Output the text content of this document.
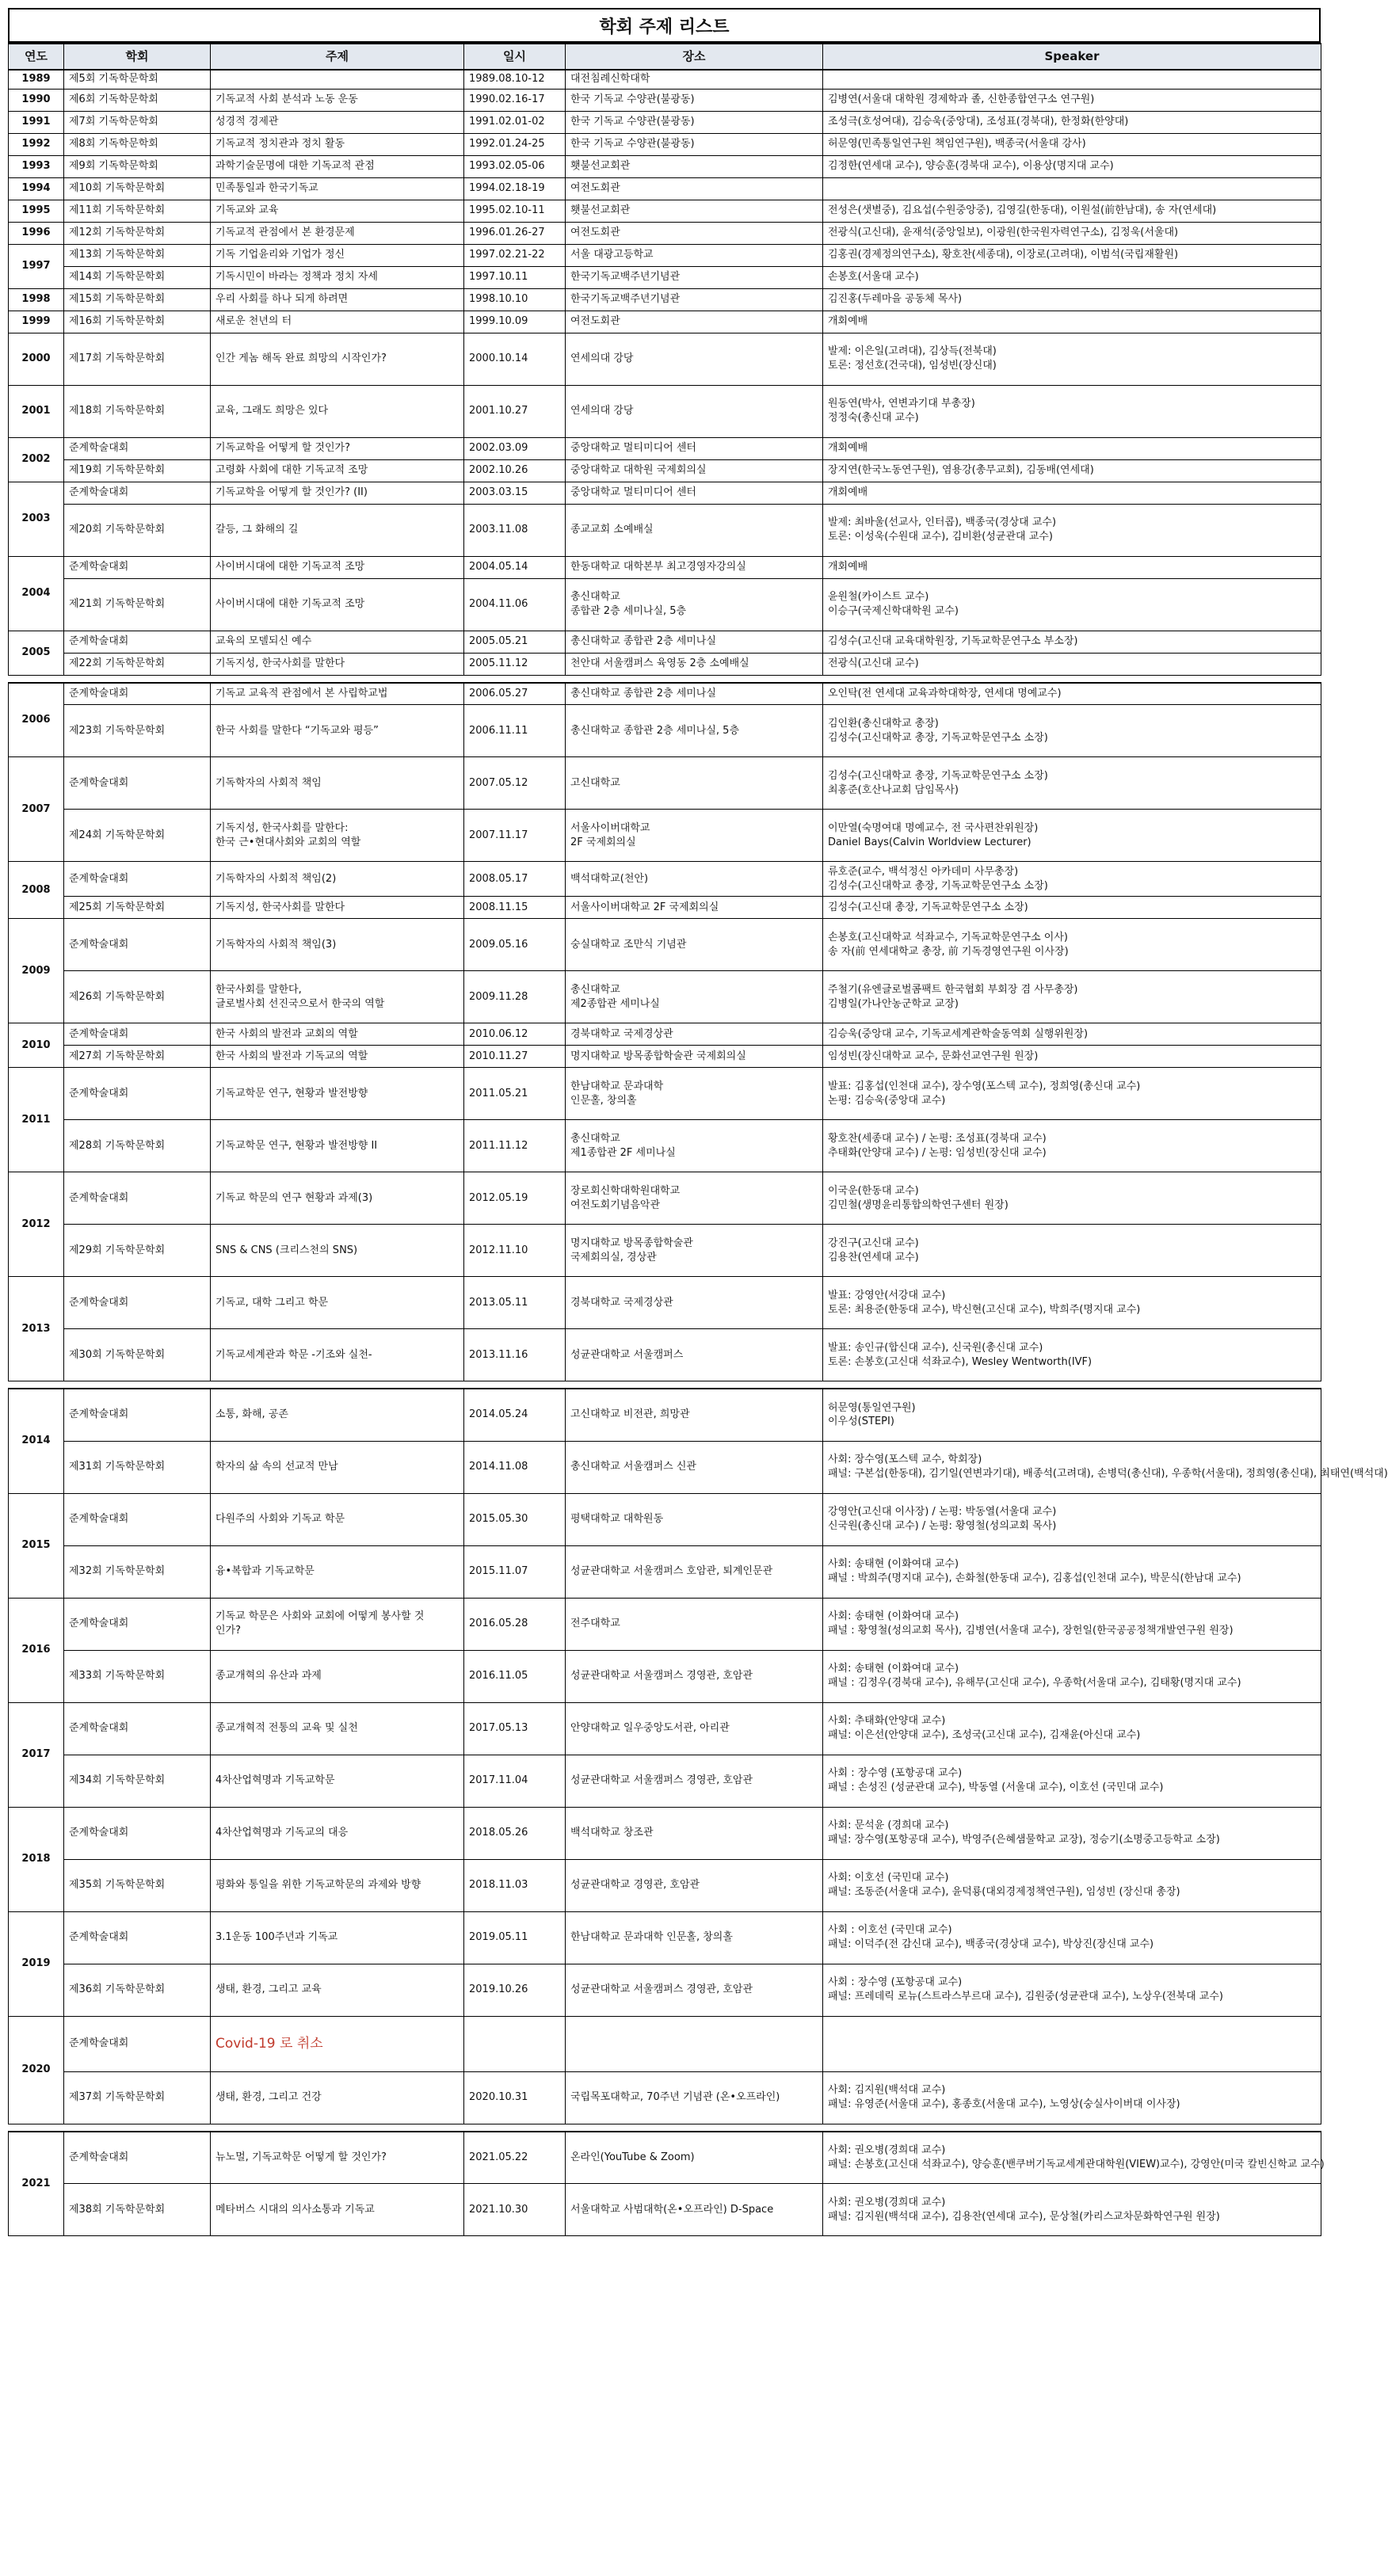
학회 주제 리스트
연도	학회	주제	일시	장소	Speaker
1989	제5회 기독학문학회		1989.08.10-12	대전침례신학대학	

1990	제6회 기독학문학회	기독교적 사회 분석과 노동 운동	1990.02.16-17	한국 기독교 수양관(불광동)	김병연(서울대 대학원 경제학과 졸, 신한종합연구소 연구원)

1991	제7회 기독학문학회	성경적 경제관	1991.02.01-02	한국 기독교 수양관(불광동)	조성극(호성여대), 김승욱(중앙대), 조성표(경북대), 한정화(한양대)

1992	제8회 기독학문학회	기독교적 정치관과 정치 활동	1992.01.24-25	한국 기독교 수양관(불광동)	허문영(민족통일연구원 책임연구원), 백종국(서울대 강사)

1993	제9회 기독학문학회	과학기술문명에 대한 기독교적 관점	1993.02.05-06	횃불선교회관	김정한(연세대 교수), 양승훈(경북대 교수), 이용상(명지대 교수)

1994	제10회 기독학문학회	민족통일과 한국기독교	1994.02.18-19	여전도회관	

1995	제11회 기독학문학회	기독교와 교육	1995.02.10-11	횃불선교회관	전성은(샛별중), 김요섭(수원중앙중), 김영길(한동대), 이원설(前한남대), 송 자(연세대)

1996	제12회 기독학문학회	기독교적 관점에서 본 환경문제	1996.01.26-27	여전도회관	전광식(고신대), 윤재석(중앙일보), 이광원(한국원자력연구소), 김정욱(서울대)

1997	제13회 기독학문학회	기독 기업윤리와 기업가 정신	1997.02.21-22	서울 대광고등학교	김홍권(경제정의연구소), 황호찬(세종대), 이장로(고려대), 이범석(국립재활원)

	제14회 기독학문학회	기독시민이 바라는 정책과 정치 자세	1997.10.11	한국기독교백주년기념관	손봉호(서울대 교수)

1998	제15회 기독학문학회	우리 사회를 하나 되게 하려면	1998.10.10	한국기독교백주년기념관	김진홍(두레마을 공동체 목사)

1999	제16회 기독학문학회	새로운 천년의 터	1999.10.09	여전도회관	개회예배

2000	제17회 기독학문학회	인간 게놈 해독 완료 희망의 시작인가?	2000.10.14	연세의대 강당	발제: 이은일(고려대), 김상득(전북대)
토론: 정선호(건국대), 임성빈(장신대)

2001	제18회 기독학문학회	교육, 그래도 희망은 있다	2001.10.27	연세의대 강당	원동연(박사, 연변과기대 부총장)
정정숙(총신대 교수)

2002	준계학술대회	기독교학을 어떻게 할 것인가?	2002.03.09	중앙대학교 멀티미디어 센터	개회예배

	제19회 기독학문학회	고령화 사회에 대한 기독교적 조망	2002.10.26	중앙대학교 대학원 국제회의실	장지연(한국노동연구원), 염용강(총무교회), 김동배(연세대)

2003	준계학술대회	기독교학을 어떻게 할 것인가? (II)	2003.03.15	중앙대학교 멀티미디어 센터	개회예배

	제20회 기독학문학회	갈등, 그 화해의 길	2003.11.08	종교교회 소예배실	발제: 최바울(선교사, 인터콥), 백종국(경상대 교수)
토론: 이성욱(수원대 교수), 김비환(성균관대 교수)

2004	준계학술대회	사이버시대에 대한 기독교적 조망	2004.05.14	한동대학교 대학본부 최고경영자강의실	개회예배

	제21회 기독학문학회	사이버시대에 대한 기독교적 조망	2004.11.06	총신대학교
종합관 2층 세미나실, 5층	윤원철(카이스트 교수)
이승구(국제신학대학원 교수)

2005	준계학술대회	교육의 모델되신 예수	2005.05.21	총신대학교 종합관 2층 세미나실	김성수(고신대 교육대학원장, 기독교학문연구소 부소장)

	제22회 기독학문학회	기독지성, 한국사회를 말한다	2005.11.12	천안대 서울캠퍼스 육영동 2층 소예배실	전광식(고신대 교수)

2006	준계학술대회	기독교 교육적 관점에서 본 사립학교법	2006.05.27	총신대학교 종합관 2층 세미나실	오인탁(전 연세대 교육과학대학장, 연세대 명예교수)

	제23회 기독학문학회	한국 사회를 말한다 “기독교와 평등”	2006.11.11	총신대학교 종합관 2층 세미나실, 5층	김인환(총신대학교 총장)
김성수(고신대학교 총장, 기독교학문연구소 소장)

2007	준계학술대회	기독학자의 사회적 책임	2007.05.12	고신대학교	김성수(고신대학교 총장, 기독교학문연구소 소장)
최홍준(호산나교회 담임목사)

	제24회 기독학문학회	기독지성, 한국사회를 말한다:
한국 근•현대사회와 교회의 역할	2007.11.17	서울사이버대학교
2F 국제회의실	이만열(숙명여대 명예교수, 전 국사편찬위원장)
Daniel Bays(Calvin Worldview Lecturer)

2008	준계학술대회	기독학자의 사회적 책임(2)	2008.05.17	백석대학교(천안)	류호준(교수, 백석정신 아카데미 사무총장)
김성수(고신대학교 총장, 기독교학문연구소 소장)

	제25회 기독학문학회	기독지성, 한국사회를 말한다	2008.11.15	서울사이버대학교 2F 국제회의실	김성수(고신대 총장, 기독교학문연구소 소장)

2009	준계학술대회	기독학자의 사회적 책임(3)	2009.05.16	숭실대학교 조만식 기념관	손봉호(고신대학교 석좌교수, 기독교학문연구소 이사)
송 자(前 연세대학교 총장, 前 기독경영연구원 이사장)

	제26회 기독학문학회	한국사회를 말한다,
글로벌사회 선진국으로서 한국의 역할	2009.11.28	총신대학교
제2종합관 세미나실	주철기(유엔글로벌콤팩트 한국협회 부회장 겸 사무총장)
김병일(가나안농군학교 교장)

2010	준계학술대회	한국 사회의 발전과 교회의 역할	2010.06.12	경북대학교 국제경상관	김승욱(중앙대 교수, 기독교세계관학술동역회 실행위원장)

	제27회 기독학문학회	한국 사회의 발전과 기독교의 역할	2010.11.27	명지대학교 방목종합학술관 국제회의실	임성빈(장신대학교 교수, 문화선교연구원 원장)

2011	준계학술대회	기독교학문 연구, 현황과 발전방향	2011.05.21	한남대학교 문과대학
인문홀, 창의홀	발표: 김홍섭(인천대 교수), 장수영(포스텍 교수), 정희영(총신대 교수)
논평: 김승욱(중앙대 교수)

	제28회 기독학문학회	기독교학문 연구, 현황과 발전방향 II	2011.11.12	총신대학교
제1종합관 2F 세미나실	황호찬(세종대 교수) / 논평: 조성표(경북대 교수)
추태화(안양대 교수) / 논평: 임성빈(장신대 교수)

2012	준계학술대회	기독교 학문의 연구 현황과 과제(3)	2012.05.19	장로회신학대학원대학교
여전도회기념음악관	이국운(한동대 교수)
김민철(생명윤리통합의학연구센터 원장)

	제29회 기독학문학회	SNS & CNS (크리스천의 SNS)	2012.11.10	명지대학교 방목종합학술관
국제회의실, 경상관	강진구(고신대 교수)
김용찬(연세대 교수)

2013	준계학술대회	기독교, 대학 그리고 학문	2013.05.11	경북대학교 국제경상관	발표: 강영안(서강대 교수)
토론: 최용준(한동대 교수), 박신현(고신대 교수), 박희주(명지대 교수)

	제30회 기독학문학회	기독교세계관과 학문 -기조와 실천-	2013.11.16	성균관대학교 서울캠퍼스	발표: 송인규(합신대 교수), 신국원(총신대 교수)
토론: 손봉호(고신대 석좌교수), Wesley Wentworth(IVF)

2014	준계학술대회	소통, 화해, 공존	2014.05.24	고신대학교 비전관, 희망관	허문영(통일연구원)
이우성(STEPI)

	제31회 기독학문학회	학자의 삶 속의 선교적 만남	2014.11.08	총신대학교 서울캠퍼스 신관	사회: 장수영(포스텍 교수, 학회장)
패널: 구본섭(한동대), 김기일(연변과기대), 배종석(고려대), 손병덕(총신대), 우종학(서울대), 정희영(총신대), 최태연(백석대)

2015	준계학술대회	다원주의 사회와 기독교 학문	2015.05.30	평택대학교 대학원동	강영안(고신대 이사장) / 논평: 박동열(서울대 교수)
신국원(총신대 교수) / 논평: 황영철(성의교회 목사)

	제32회 기독학문학회	융•복합과 기독교학문	2015.11.07	성균관대학교 서울캠퍼스 호암관, 퇴계인문관	사회: 송태현 (이화여대 교수)
패널 : 박희주(명지대 교수), 손화철(한동대 교수), 김홍섭(인천대 교수), 박문식(한남대 교수)

2016	준계학술대회	기독교 학문은 사회와 교회에 어떻게 봉사할 것
인가?	2016.05.28	전주대학교	사회: 송태현 (이화여대 교수)
패널 : 황영철(성의교회 목사), 김병연(서울대 교수), 장헌일(한국공공정책개발연구원 원장)

	제33회 기독학문학회	종교개혁의 유산과 과제	2016.11.05	성균관대학교 서울캠퍼스 경영관, 호암관	사회: 송태현 (이화여대 교수)
패널 : 김정우(경북대 교수), 유해무(고신대 교수), 우종학(서울대 교수), 김태황(명지대 교수)

2017	준계학술대회	종교개혁적 전통의 교육 및 실천	2017.05.13	안양대학교 일우중앙도서관, 아리관	사회: 추태화(안양대 교수)
패널: 이은선(안양대 교수), 조성국(고신대 교수), 김재윤(아신대 교수)

	제34회 기독학문학회	4차산업혁명과 기독교학문	2017.11.04	성균관대학교 서울캠퍼스 경영관, 호암관	사회 : 장수영 (포항공대 교수)
패널 : 손성진 (성균관대 교수), 박동열 (서울대 교수), 이호선 (국민대 교수)

2018	준계학술대회	4차산업혁명과 기독교의 대응	2018.05.26	백석대학교 창조관	사회: 문석윤 (경희대 교수)
패널: 장수영(포항공대 교수), 박영주(은혜샘물학교 교장), 정승기(소명중고등학교 소장)

	제35회 기독학문학회	평화와 통일을 위한 기독교학문의 과제와 방향	2018.11.03	성균관대학교 경영관, 호암관	사회: 이호선 (국민대 교수)
패널: 조동준(서울대 교수), 윤덕룡(대외경제정책연구원), 임성빈 (장신대 총장)

2019	준계학술대회	3.1운동 100주년과 기독교	2019.05.11	한남대학교 문과대학 인문홀, 창의홀	사회 : 이호선 (국민대 교수)
패널: 이덕주(전 감신대 교수), 백종국(경상대 교수), 박상진(장신대 교수)

	제36회 기독학문학회	생태, 환경, 그리고 교육	2019.10.26	성균관대학교 서울캠퍼스 경영관, 호암관	사회 : 장수영 (포항공대 교수)
패널: 프레데릭 로뉴(스트라스부르대 교수), 김원중(성균관대 교수), 노상우(전북대 교수)

2020	준계학술대회	Covid-19 로 취소			

	제37회 기독학문학회	생태, 환경, 그리고 건강	2020.10.31	국립목포대학교, 70주년 기념관 (온•오프라인)	사회: 김지원(백석대 교수)
패널: 유영준(서울대 교수), 홍종호(서울대 교수), 노영상(숭실사이버대 이사장)

2021	준계학술대회	뉴노멀, 기독교학문 어떻게 할 것인가?	2021.05.22	온라인(YouTube & Zoom)	사회: 권오병(경희대 교수)
패널: 손봉호(고신대 석좌교수), 양승훈(밴쿠버기독교세계관대학원(VIEW)교수), 강영안(미국 칼빈신학교 교수)

	제38회 기독학문학회	메타버스 시대의 의사소통과 기독교	2021.10.30	서울대학교 사범대학(온•오프라인) D-Space	사회: 권오병(경희대 교수)
패널: 김지원(백석대 교수), 김용찬(연세대 교수), 문상철(카리스교차문화학연구원 원장)
